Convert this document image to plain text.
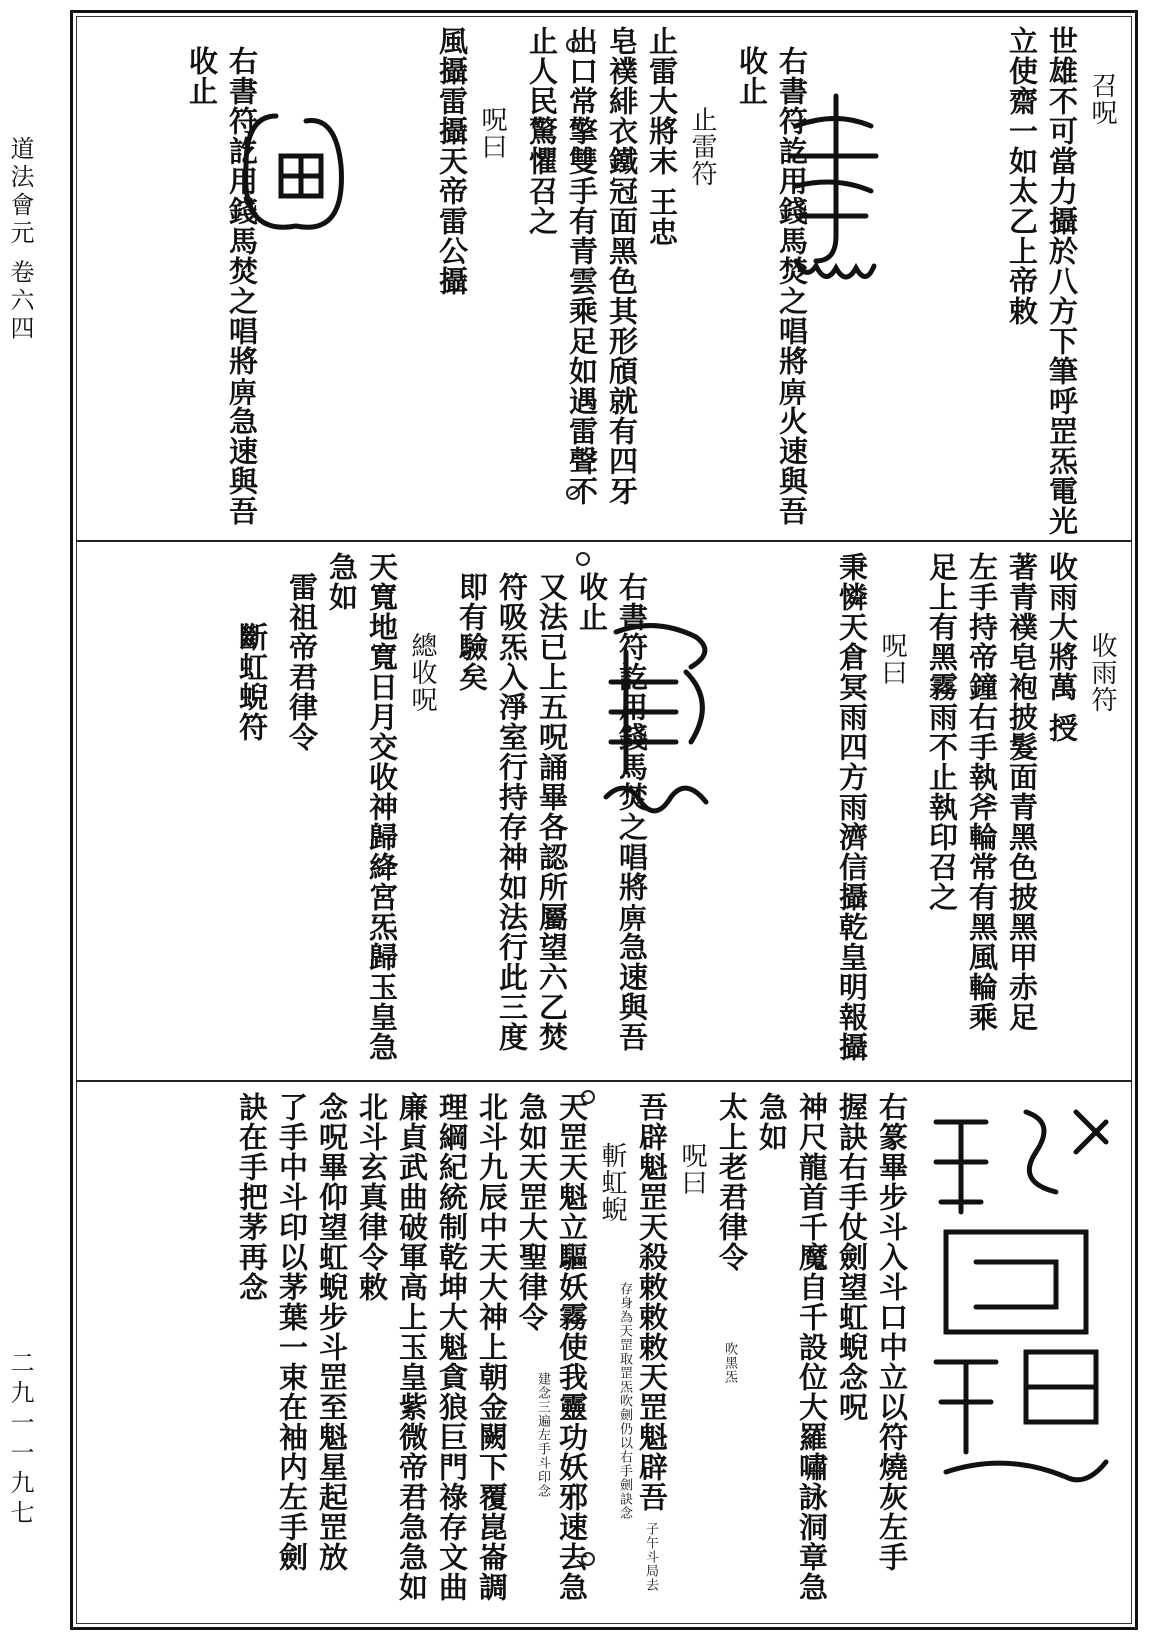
道法會元 卷六四
二九一一九七
召呪
世雄不可當力攝於八方下筆呼罡炁電光
立使齋一如太乙上帝敕
右書符訖用錢馬焚之唱將𢈷火速與吾
收止
止雷符
止雷大將末 王忠
皂襆緋衣鐵冠面黑色其形頎就有四牙
出口常擎雙手有青雲乘足如遇雷聲不
止人民驚懼召之
呪曰
風攝雷攝天帝雷公攝
右書符訖用錢馬焚之唱將𢈷急速與吾
收止
收雨符
收雨大將萬 授
著青襆皂袍披髮面青黑色披黑甲赤足
左手持帝鐘右手執斧輪常有黑風輪乘
足上有黑霧雨不止執印召之
呪曰
秉憐天倉冥雨四方雨濟信攝乾皇明報攝
右書符訖用錢馬焚之唱將𢈷急速與吾
收止
又法已上五呪誦畢各認所屬望六乙焚
符吸炁入淨室行持存神如法行此三度
即有驗矣
總收呪
天寬地寬日月交收神歸絳宮炁歸玉皇急
急如
雷祖帝君律令
斷虹蜺符
右篆畢步斗入斗口中立以符燒灰左手
握訣右手仗劍望虹蜺念呪
神尺龍首千魔自千設位大羅嘯詠洞章急
急如
太上老君律令
吹黑炁
呪曰
吾辟魁罡天殺敕敕敕天罡魁辟吾
子午斗局去
斬虹蜺
存身為天罡取罡炁吹劍仍以右手劍訣念
天罡天魁立驅妖霧使我靈功妖邪速去急
急如天罡大聖律令
建念三遍左手斗印念
北斗九辰中天大神上朝金闕下覆崑崙調
理綱紀統制乾坤大魁貪狼巨門祿存文曲
廉貞武曲破軍高上玉皇紫微帝君急急如
北斗玄真律令敕
念呪畢仰望虹蜺步斗罡至魁星起罡放
了手中斗印以茅葉一束在袖内左手劍
訣在手把茅再念
